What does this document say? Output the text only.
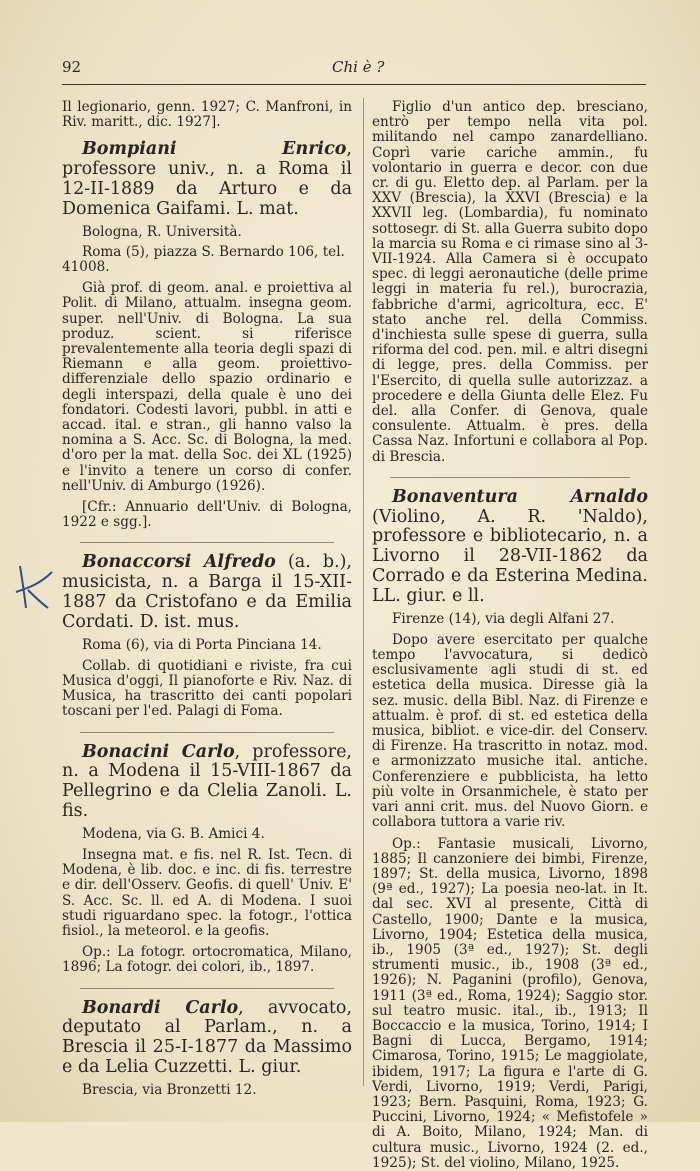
92	Chi è ?

Il legionario, genn. 1927; C. Manfroni, in Riv. maritt., dic. 1927].

Bompiani Enrico, professore univ., n. a Roma il 12-II-1889 da Arturo e da Domenica Gaifami. L. mat.

Bologna, R. Università.

Roma (5), piazza S. Bernardo 106, tel. 41008.

Già prof. di geom. anal. e proiettiva al Polit. di Milano, attualm. insegna geom. super. nell'Univ. di Bologna. La sua produz. scient. si riferisce prevalentemente alla teoria degli spazi di Riemann e alla geom. proiettivo-differenziale dello spazio ordinario e degli interspazi, della quale è uno dei fondatori. Codesti lavori, pubbl. in atti e accad. ital. e stran., gli hanno valso la nomina a S. Acc. Sc. di Bologna, la med. d'oro per la mat. della Soc. dei XL (1925) e l'invito a tenere un corso di confer. nell'Univ. di Amburgo (1926).

[Cfr.: Annuario dell'Univ. di Bologna, 1922 e sgg.].

Bonaccorsi Alfredo (a. b.), musicista, n. a Barga il 15-XII-1887 da Cristofano e da Emilia Cordati. D. ist. mus.

Roma (6), via di Porta Pinciana 14.

Collab. di quotidiani e riviste, fra cui Musica d'oggi, Il pianoforte e Riv. Naz. di Musica, ha trascritto dei canti popolari toscani per l'ed. Palagi di Foma.

Bonacini Carlo, professore, n. a Modena il 15-VIII-1867 da Pellegrino e da Clelia Zanoli. L. fis.

Modena, via G. B. Amici 4.

Insegna mat. e fis. nel R. Ist. Tecn. di Modena, è lib. doc. e inc. di fis. terrestre e dir. dell'Osserv. Geofis. di quell' Univ. E' S. Acc. Sc. ll. ed A. di Modena. I suoi studi riguardano spec. la fotogr., l'ottica fisiol., la meteorol. e la geofis.

Op.: La fotogr. ortocromatica, Milano, 1896; La fotogr. dei colori, ib., 1897.

Bonardi Carlo, avvocato, deputato al Parlam., n. a Brescia il 25-I-1877 da Massimo e da Lelia Cuzzetti. L. giur.

Brescia, via Bronzetti 12.

Figlio d'un antico dep. bresciano, entrò per tempo nella vita pol. militando nel campo zanardelliano. Coprì varie cariche ammin., fu volontario in guerra e decor. con due cr. di gu. Eletto dep. al Parlam. per la XXV (Brescia), la XXVI (Brescia) e la XXVII leg. (Lombardia), fu nominato sottosegr. di St. alla Guerra subito dopo la marcia su Roma e ci rimase sino al 3-VII-1924. Alla Camera si è occupato spec. di leggi aeronautiche (delle prime leggi in materia fu rel.), burocrazia, fabbriche d'armi, agricoltura, ecc. E' stato anche rel. della Commiss. d'inchiesta sulle spese di guerra, sulla riforma del cod. pen. mil. e altri disegni di legge, pres. della Commiss. per l'Esercito, di quella sulle autorizzaz. a procedere e della Giunta delle Elez. Fu del. alla Confer. di Genova, quale consulente. Attualm. è pres. della Cassa Naz. Infortuni e collabora al Pop. di Brescia.

Bonaventura Arnaldo (Violino, A. R. 'Naldo), professore e bibliotecario, n. a Livorno il 28-VII-1862 da Corrado e da Esterina Medina. LL. giur. e ll.

Firenze (14), via degli Alfani 27.

Dopo avere esercitato per qualche tempo l'avvocatura, si dedicò esclusivamente agli studi di st. ed estetica della musica. Diresse già la sez. music. della Bibl. Naz. di Firenze e attualm. è prof. di st. ed estetica della musica, bibliot. e vice-dir. del Conserv. di Firenze. Ha trascritto in notaz. mod. e armonizzato musiche ital. antiche. Conferenziere e pubblicista, ha letto più volte in Orsanmichele, è stato per vari anni crit. mus. del Nuovo Giorn. e collabora tuttora a varie riv.

Op.: Fantasie musicali, Livorno, 1885; Il canzoniere dei bimbi, Firenze, 1897; St. della musica, Livorno, 1898 (9ª ed., 1927); La poesia neo-lat. in It. dal sec. XVI al presente, Città di Castello, 1900; Dante e la musica, Livorno, 1904; Estetica della musica, ib., 1905 (3ª ed., 1927); St. degli strumenti music., ib., 1908 (3ª ed., 1926); N. Paganini (profilo), Genova, 1911 (3ª ed., Roma, 1924); Saggio stor. sul teatro music. ital., ib., 1913; Il Boccaccio e la musica, Torino, 1914; I Bagni di Lucca, Bergamo, 1914; Cimarosa, Torino, 1915; Le maggiolate, ibidem, 1917; La figura e l'arte di G. Verdi, Livorno, 1919; Verdi, Parigi, 1923; Bern. Pasquini, Roma, 1923; G. Puccini, Livorno, 1924; « Mefistofele » di A. Boito, Milano, 1924; Man. di cultura music., Livorno, 1924 (2. ed., 1925); St. del violino, Milano, 1925.
